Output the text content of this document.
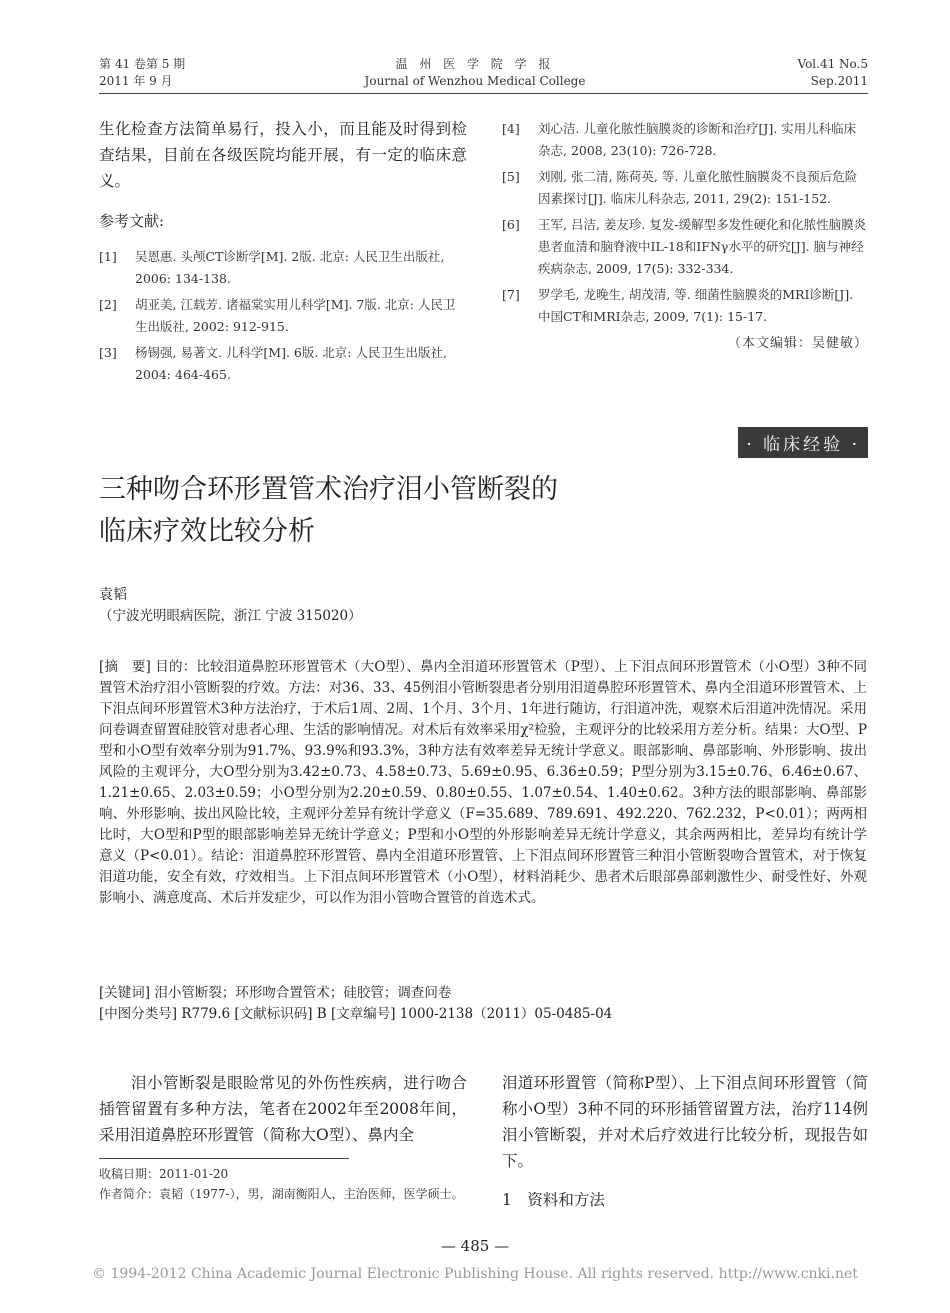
第 41 卷第 5 期
2011 年 9 月
温 州 医 学 院 学 报
Journal of Wenzhou Medical College
Vol.41 No.5
Sep.2011
生化检查方法简单易行，投入小，而且能及时得到检查结果，目前在各级医院均能开展，有一定的临床意义。
参考文献:
[1] 吴恩惠. 头颅CT诊断学[M]. 2版. 北京: 人民卫生出版社, 2006: 134-138.
[2] 胡亚美, 江载芳. 诸福棠实用儿科学[M]. 7版. 北京: 人民卫生出版社, 2002: 912-915.
[3] 杨锡强, 易著文. 儿科学[M]. 6版. 北京: 人民卫生出版社, 2004: 464-465.
[4] 刘心洁. 儿童化脓性脑膜炎的诊断和治疗[J]. 实用儿科临床杂志, 2008, 23(10): 726-728.
[5] 刘刚, 张二清, 陈荷英, 等. 儿童化脓性脑膜炎不良预后危险因素探讨[J]. 临床儿科杂志, 2011, 29(2): 151-152.
[6] 王军, 吕洁, 姜友珍. 复发-缓解型多发性硬化和化脓性脑膜炎患者血清和脑脊液中IL-18和IFNγ水平的研究[J]. 脑与神经疾病杂志, 2009, 17(5): 332-334.
[7] 罗学毛, 龙晚生, 胡茂清, 等. 细菌性脑膜炎的MRI诊断[J]. 中国CT和MRI杂志, 2009, 7(1): 15-17.
（本文编辑：吴健敏）
· 临床经验 ·
三种吻合环形置管术治疗泪小管断裂的
临床疗效比较分析
袁韬
（宁波光明眼病医院，浙江 宁波 315020）
[摘　要] 目的：比较泪道鼻腔环形置管术（大O型）、鼻内全泪道环形置管术（P型）、上下泪点间环形置管术（小O型）3种不同置管术治疗泪小管断裂的疗效。方法：对36、33、45例泪小管断裂患者分别用泪道鼻腔环形置管术、鼻内全泪道环形置管术、上下泪点间环形置管术3种方法治疗，于术后1周、2周、1个月、3个月、1年进行随访，行泪道冲洗，观察术后泪道冲洗情况。采用问卷调查留置硅胶管对患者心理、生活的影响情况。对术后有效率采用χ²检验，主观评分的比较采用方差分析。结果：大O型、P型和小O型有效率分别为91.7%、93.9%和93.3%，3种方法有效率差异无统计学意义。眼部影响、鼻部影响、外形影响、拔出风险的主观评分，大O型分别为3.42±0.73、4.58±0.73、5.69±0.95、6.36±0.59；P型分别为3.15±0.76、6.46±0.67、1.21±0.65、2.03±0.59；小O型分别为2.20±0.59、0.80±0.55、1.07±0.54、1.40±0.62。3种方法的眼部影响、鼻部影响、外形影响、拔出风险比较，主观评分差异有统计学意义（F=35.689、789.691、492.220、762.232，P<0.01）；两两相比时，大O型和P型的眼部影响差异无统计学意义；P型和小O型的外形影响差异无统计学意义，其余两两相比，差异均有统计学意义（P<0.01）。结论：泪道鼻腔环形置管、鼻内全泪道环形置管、上下泪点间环形置管三种泪小管断裂吻合置管术，对于恢复泪道功能，安全有效，疗效相当。上下泪点间环形置管术（小O型），材料消耗少、患者术后眼部鼻部刺激性少、耐受性好、外观影响小、满意度高、术后并发症少，可以作为泪小管吻合置管的首选术式。
[关键词] 泪小管断裂；环形吻合置管术；硅胶管；调查问卷
[中图分类号] R779.6 [文献标识码] B [文章编号] 1000-2138（2011）05-0485-04
泪小管断裂是眼睑常见的外伤性疾病，进行吻合插管留置有多种方法，笔者在2002年至2008年间，采用泪道鼻腔环形置管（简称大O型）、鼻内全
泪道环形置管（简称P型）、上下泪点间环形置管（简称小O型）3种不同的环形插管留置方法，治疗114例泪小管断裂，并对术后疗效进行比较分析，现报告如下。
收稿日期：2011-01-20
作者简介：袁韬（1977-），男，湖南衡阳人，主治医师，医学硕士。 1　资料和方法
— 485 —
© 1994-2012 China Academic Journal Electronic Publishing House. All rights reserved. http://www.cnki.net
